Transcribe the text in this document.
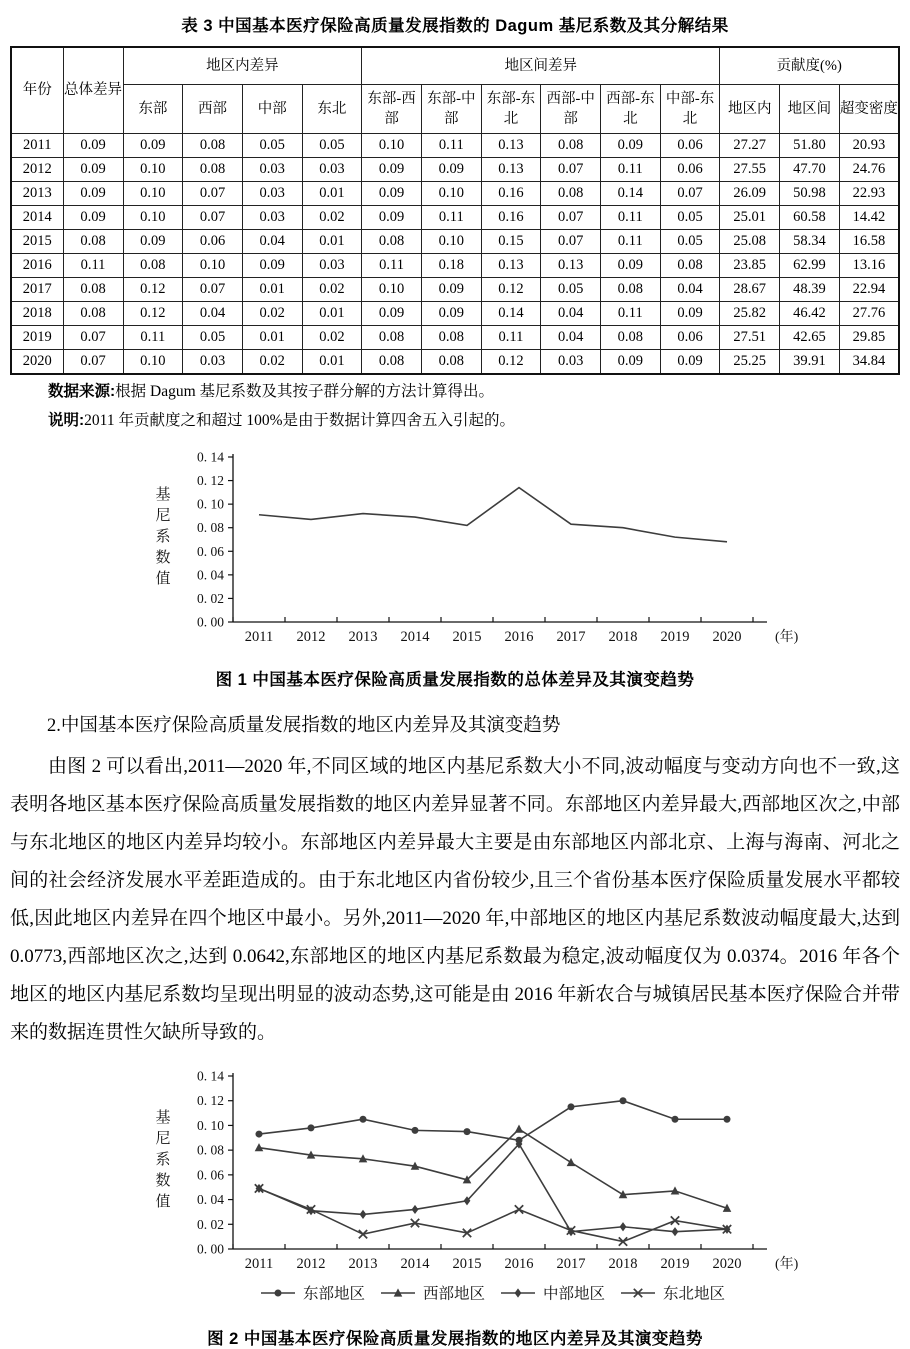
表 3 中国基本医疗保险高质量发展指数的 Dagum 基尼系数及其分解结果
年份	总体差异	地区内差异				地区间差异						贡献度(%)		
		东部	西部	中部	东北	东部-西部	东部-中部	东部-东北	西部-中部	西部-东北	中部-东北	地区内	地区间	超变密度
2011	0.09	0.09	0.08	0.05	0.05	0.10	0.11	0.13	0.08	0.09	0.06	27.27	51.80	20.93
2012	0.09	0.10	0.08	0.03	0.03	0.09	0.09	0.13	0.07	0.11	0.06	27.55	47.70	24.76
2013	0.09	0.10	0.07	0.03	0.01	0.09	0.10	0.16	0.08	0.14	0.07	26.09	50.98	22.93
2014	0.09	0.10	0.07	0.03	0.02	0.09	0.11	0.16	0.07	0.11	0.05	25.01	60.58	14.42
2015	0.08	0.09	0.06	0.04	0.01	0.08	0.10	0.15	0.07	0.11	0.05	25.08	58.34	16.58
2016	0.11	0.08	0.10	0.09	0.03	0.11	0.18	0.13	0.13	0.09	0.08	23.85	62.99	13.16
2017	0.08	0.12	0.07	0.01	0.02	0.10	0.09	0.12	0.05	0.08	0.04	28.67	48.39	22.94
2018	0.08	0.12	0.04	0.02	0.01	0.09	0.09	0.14	0.04	0.11	0.09	25.82	46.42	27.76
2019	0.07	0.11	0.05	0.01	0.02	0.08	0.08	0.11	0.04	0.08	0.06	27.51	42.65	29.85
2020	0.07	0.10	0.03	0.02	0.01	0.08	0.08	0.12	0.03	0.09	0.09	25.25	39.91	34.84
数据来源:根据 Dagum 基尼系数及其按子群分解的方法计算得出。
说明:2011 年贡献度之和超过 100%是由于数据计算四舍五入引起的。
0. 00
0. 02
0. 04
0. 06
0. 08
0. 10
0. 12
0. 14
2011 2012 2013 2014 2015 2016 2017 2018 2019 2020 (年)
基
尼
系
数
值
图 1 中国基本医疗保险高质量发展指数的总体差异及其演变趋势
2.中国基本医疗保险高质量发展指数的地区内差异及其演变趋势

由图 2 可以看出,2011—2020 年,不同区域的地区内基尼系数大小不同,波动幅度与变动方向也不一致,这表明各地区基本医疗保险高质量发展指数的地区内差异显著不同。东部地区内差异最大,西部地区次之,中部与东北地区的地区内差异均较小。东部地区内差异最大主要是由东部地区内部北京、上海与海南、河北之间的社会经济发展水平差距造成的。由于东北地区内省份较少,且三个省份基本医疗保险质量发展水平都较低,因此地区内差异在四个地区中最小。另外,2011—2020 年,中部地区的地区内基尼系数波动幅度最大,达到 0.0773,西部地区次之,达到 0.0642,东部地区的地区内基尼系数最为稳定,波动幅度仅为 0.0374。2016 年各个地区的地区内基尼系数均呈现出明显的波动态势,这可能是由 2016 年新农合与城镇居民基本医疗保险合并带来的数据连贯性欠缺所导致的。

0. 00
0. 02
0. 04
0. 06
0. 08
0. 10
0. 12
0. 14
2011 2012 2013 2014 2015 2016 2017 2018 2019 2020 (年)
基
尼
系
数
值
东部地区	西部地区	中部地区	东北地区
图 2 中国基本医疗保险高质量发展指数的地区内差异及其演变趋势
